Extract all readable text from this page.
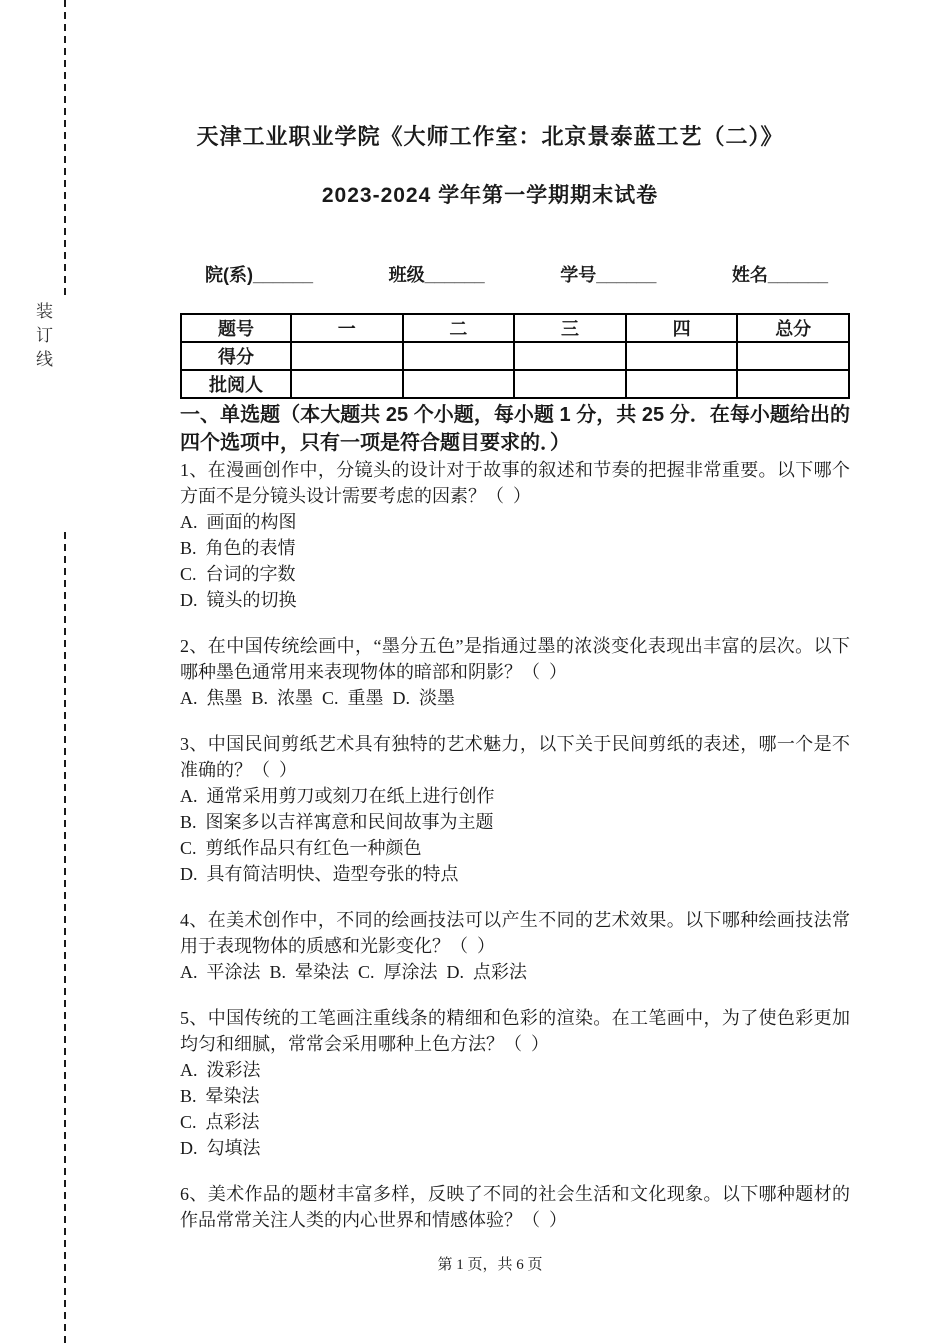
装订线
天津工业职业学院《大师工作室：北京景泰蓝工艺（二）》
2023-2024 学年第一学期期末试卷
院(系)______	班级______	学号______	姓名______
题号	一	二	三	四	总分
得分					
批阅人					
一、单选题（本大题共 25 个小题，每小题 1 分，共 25 分．在每小题给出的四个选项中，只有一项是符合题目要求的．）

1、在漫画创作中，分镜头的设计对于故事的叙述和节奏的把握非常重要。以下哪个方面不是分镜头设计需要考虑的因素？（  ）

A.  画面的构图

B.  角色的表情

C.  台词的字数

D.  镜头的切换

2、在中国传统绘画中，“墨分五色”是指通过墨的浓淡变化表现出丰富的层次。以下哪种墨色通常用来表现物体的暗部和阴影？（  ）

A.  焦墨  B.  浓墨  C.  重墨  D.  淡墨

3、中国民间剪纸艺术具有独特的艺术魅力，以下关于民间剪纸的表述，哪一个是不准确的？（  ）

A.  通常采用剪刀或刻刀在纸上进行创作

B.  图案多以吉祥寓意和民间故事为主题

C.  剪纸作品只有红色一种颜色

D.  具有简洁明快、造型夸张的特点

4、在美术创作中，不同的绘画技法可以产生不同的艺术效果。以下哪种绘画技法常用于表现物体的质感和光影变化？（  ）

A.  平涂法  B.  晕染法  C.  厚涂法  D.  点彩法

5、中国传统的工笔画注重线条的精细和色彩的渲染。在工笔画中，为了使色彩更加均匀和细腻，常常会采用哪种上色方法？（  ）

A.  泼彩法

B.  晕染法

C.  点彩法

D.  勾填法

6、美术作品的题材丰富多样，反映了不同的社会生活和文化现象。以下哪种题材的作品常常关注人类的内心世界和情感体验？（  ）

第 1 页，共 6 页
